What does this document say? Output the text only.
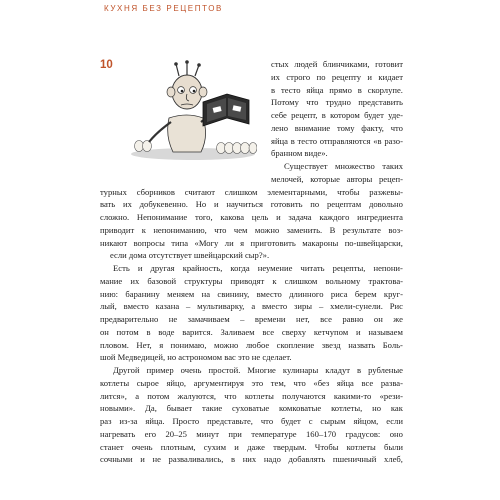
КУХНЯ БЕЗ РЕЦЕПТОВ
10	стых людей блинчиками, готовит
их строго по рецепту и кидает
в тесто яйца прямо в скорлупе.
Потому что трудно представить
себе рецепт, в котором будет уде-
лено внимание тому факту, что
яйца в тесто отправляются «в разо-
бранном виде».
Существует множество таких
мелочей, которые авторы рецеп-
турных сборников считают слишком элементарными, чтобы разжевы-
вать их добукевенно. Но и научиться готовить по рецептам довольно
сложно. Непонимание того, какова цель и задача каждого ингредиента
приводит к непониманию, что чем можно заменить. В результате воз-
никают вопросы типа «Могу ли я приготовить макароны по-швейцарски,
если дома отсутствует швейцарский сыр?».
Есть и другая крайность, когда неумение читать рецепты, непони-
мание их базовой структуры приводят к слишком вольному трактова-
нию: баранину меняем на свинину, вместо длинного риса берем круг-
лый, вместо казана – мультиварку, а вместо зиры – хмели-сунели. Рис
предварительно не замачиваем – времени нет, все равно он же
он потом в воде варится. Заливаем все сверху кетчупом и называем
пловом. Нет, я понимаю, можно любое скопление звезд назвать Боль-
шой Медведицей, но астрономом вас это не сделает.
Другой пример очень простой. Многие кулинары кладут в рубленые
котлеты сырое яйцо, аргументируя это тем, что «без яйца все разва-
лится», а потом жалуются, что котлеты получаются какими-то «рези-
новыми». Да, бывает такие суховатые комковатые котлеты, но как
раз из-за яйца. Просто представьте, что будет с сырым яйцом, если
нагревать его 20–25 минут при температуре 160–170 градусов: оно
станет очень плотным, сухим и даже твердым. Чтобы котлеты были
сочными и не разваливались, в них надо добавлять пшеничный хлеб,
